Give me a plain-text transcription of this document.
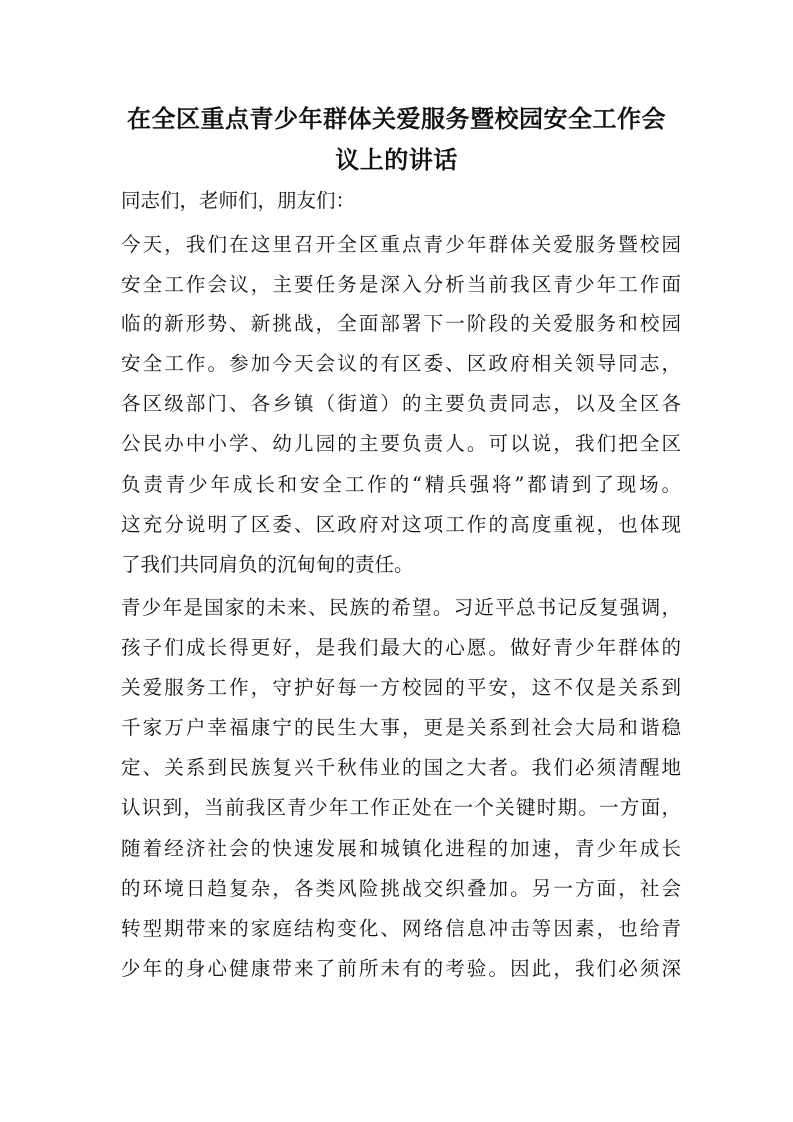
在全区重点青少年群体关爱服务暨校园安全工作会
议上的讲话
同志们，老师们，朋友们：
今天，我们在这里召开全区重点青少年群体关爱服务暨校园
安全工作会议，主要任务是深入分析当前我区青少年工作面
临的新形势、新挑战，全面部署下一阶段的关爱服务和校园
安全工作。参加今天会议的有区委、区政府相关领导同志，
各区级部门、各乡镇（街道）的主要负责同志，以及全区各
公民办中小学、幼儿园的主要负责人。可以说，我们把全区
负责青少年成长和安全工作的“精兵强将”都请到了现场。
这充分说明了区委、区政府对这项工作的高度重视，也体现
了我们共同肩负的沉甸甸的责任。
青少年是国家的未来、民族的希望。习近平总书记反复强调，
孩子们成长得更好，是我们最大的心愿。做好青少年群体的
关爱服务工作，守护好每一方校园的平安，这不仅是关系到
千家万户幸福康宁的民生大事，更是关系到社会大局和谐稳
定、关系到民族复兴千秋伟业的国之大者。我们必须清醒地
认识到，当前我区青少年工作正处在一个关键时期。一方面，
随着经济社会的快速发展和城镇化进程的加速，青少年成长
的环境日趋复杂，各类风险挑战交织叠加。另一方面，社会
转型期带来的家庭结构变化、网络信息冲击等因素，也给青
少年的身心健康带来了前所未有的考验。因此，我们必须深
